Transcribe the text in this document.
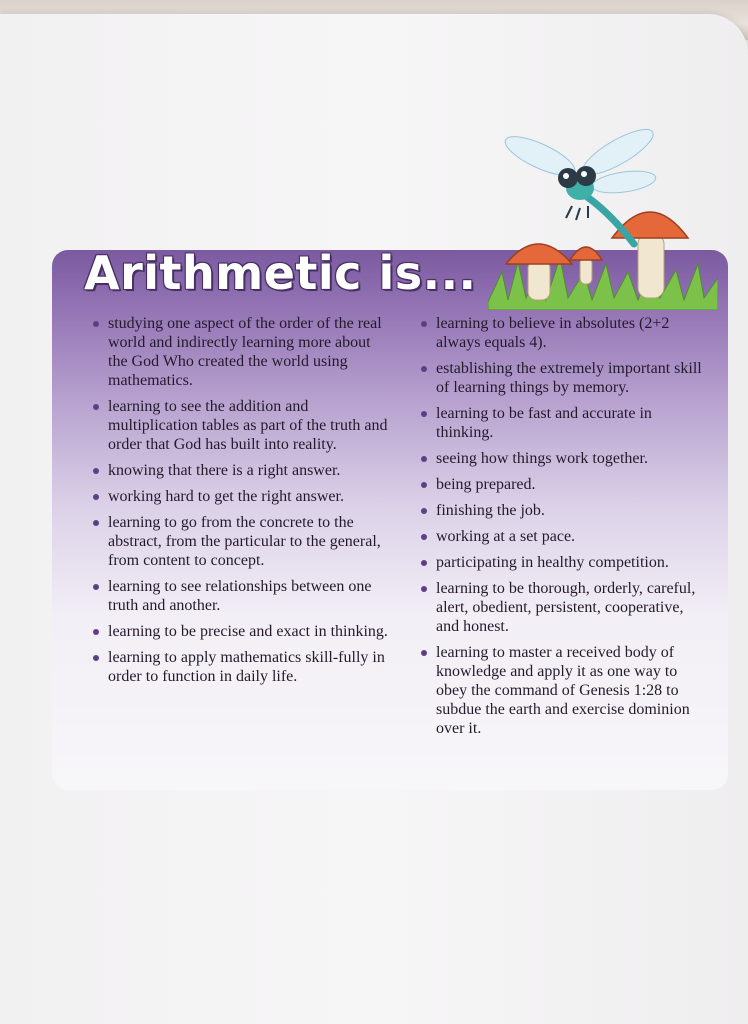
Arithmetic is...
studying one aspect of the order of the real world and indirectly learning more about the God Who created the world using mathematics.
learning to see the addition and multiplication tables as part of the truth and order that God has built into reality.
knowing that there is a right answer.
working hard to get the right answer.
learning to go from the concrete to the abstract, from the particular to the general, from content to concept.
learning to see relationships between one truth and another.
learning to be precise and exact in thinking.
learning to apply mathematics skill-fully in order to function in daily life.
learning to believe in absolutes (2+2 always equals 4).
establishing the extremely important skill of learning things by memory.
learning to be fast and accurate in thinking.
seeing how things work together.
being prepared.
finishing the job.
working at a set pace.
participating in healthy competition.
learning to be thorough, orderly, careful, alert, obedient, persistent, cooperative, and honest.
learning to master a received body of knowledge and apply it as one way to obey the command of Genesis 1:28 to subdue the earth and exercise dominion over it.
